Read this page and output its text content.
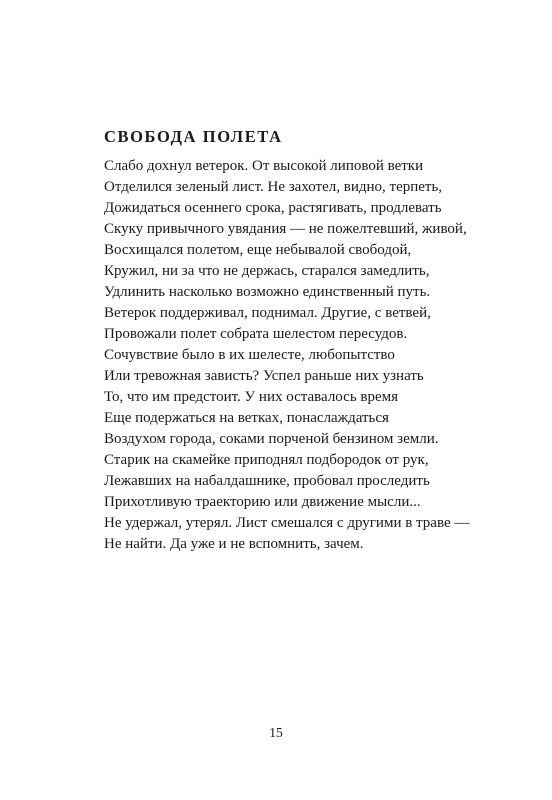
СВОБОДА ПОЛЕТА
Слабо дохнул ветерок. От высокой липовой ветки
Отделился зеленый лист. Не захотел, видно, терпеть,
Дожидаться осеннего срока, растягивать, продлевать
Скуку привычного увядания — не пожелтевший, живой,
Восхищался полетом, еще небывалой свободой,
Кружил, ни за что не держась, старался замедлить,
Удлинить насколько возможно единственный путь.
Ветерок поддерживал, поднимал. Другие, с ветвей,
Провожали полет собрата шелестом пересудов.
Сочувствие было в их шелесте, любопытство
Или тревожная зависть? Успел раньше них узнать
То, что им предстоит. У них оставалось время
Еще подержаться на ветках, понаслаждаться
Воздухом города, соками порченой бензином земли.
Старик на скамейке приподнял подбородок от рук,
Лежавших на набалдашнике, пробовал проследить
Прихотливую траекторию или движение мысли...
Не удержал, утерял. Лист смешался с другими в траве —
Не найти. Да уже и не вспомнить, зачем.
15
